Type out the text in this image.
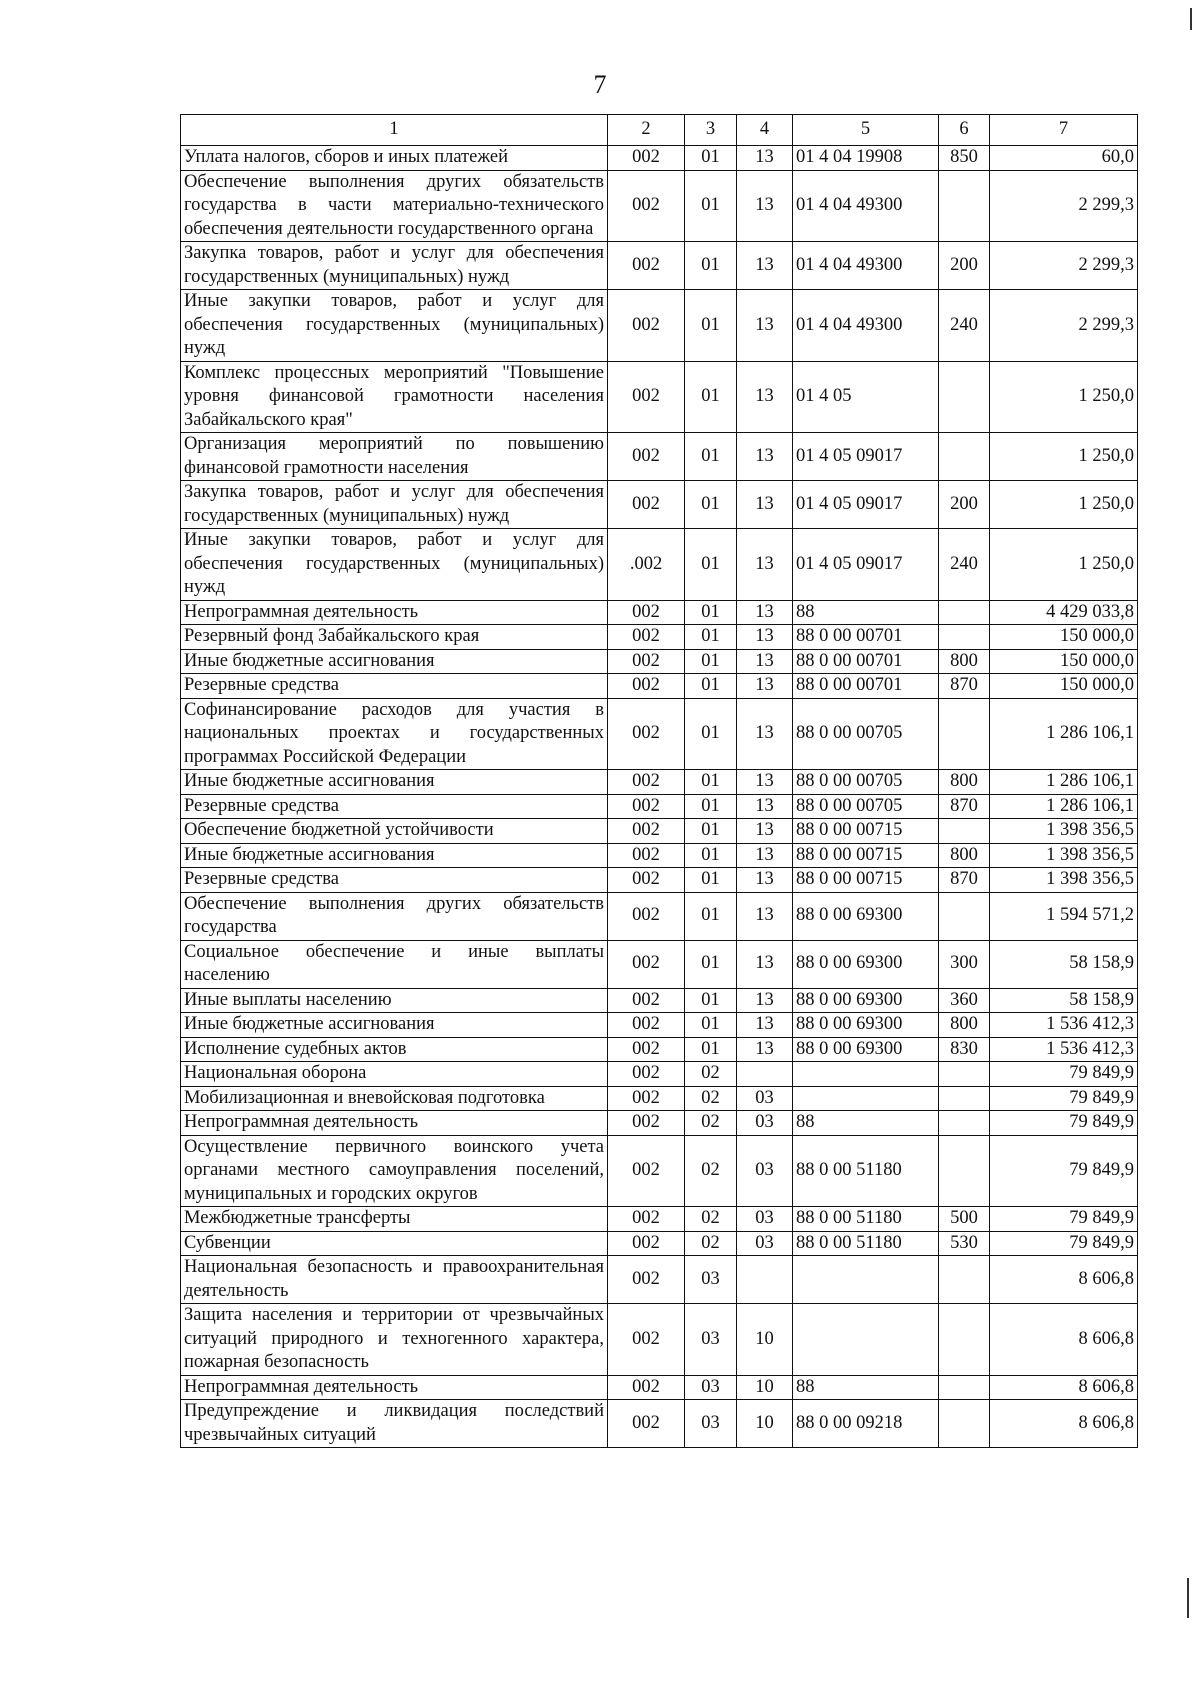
7
1	2	3	4	5	6	7
Уплата налогов, сборов и иных платежей	002	01	13	01 4 04 19908	850	60,0
Обеспечение выполнения других обязательств государства в части материально-технического обеспечения деятельности государственного органа	002	01	13	01 4 04 49300		2 299,3
Закупка товаров, работ и услуг для обеспечения государственных (муниципальных) нужд	002	01	13	01 4 04 49300	200	2 299,3
Иные закупки товаров, работ и услуг для обеспечения государственных (муниципальных) нужд	002	01	13	01 4 04 49300	240	2 299,3
Комплекс процессных мероприятий "Повышение уровня финансовой грамотности населения Забайкальского края"	002	01	13	01 4 05		1 250,0
Организация мероприятий по повышению финансовой грамотности населения	002	01	13	01 4 05 09017		1 250,0
Закупка товаров, работ и услуг для обеспечения государственных (муниципальных) нужд	002	01	13	01 4 05 09017	200	1 250,0
Иные закупки товаров, работ и услуг для обеспечения государственных (муниципальных) нужд	.002	01	13	01 4 05 09017	240	1 250,0
Непрограммная деятельность	002	01	13	88		4 429 033,8
Резервный фонд Забайкальского края	002	01	13	88 0 00 00701		150 000,0
Иные бюджетные ассигнования	002	01	13	88 0 00 00701	800	150 000,0
Резервные средства	002	01	13	88 0 00 00701	870	150 000,0
Софинансирование расходов для участия в национальных проектах и государственных программах Российской Федерации	002	01	13	88 0 00 00705		1 286 106,1
Иные бюджетные ассигнования	002	01	13	88 0 00 00705	800	1 286 106,1
Резервные средства	002	01	13	88 0 00 00705	870	1 286 106,1
Обеспечение бюджетной устойчивости	002	01	13	88 0 00 00715		1 398 356,5
Иные бюджетные ассигнования	002	01	13	88 0 00 00715	800	1 398 356,5
Резервные средства	002	01	13	88 0 00 00715	870	1 398 356,5
Обеспечение выполнения других обязательств государства	002	01	13	88 0 00 69300		1 594 571,2
Социальное обеспечение и иные выплаты населению	002	01	13	88 0 00 69300	300	58 158,9
Иные выплаты населению	002	01	13	88 0 00 69300	360	58 158,9
Иные бюджетные ассигнования	002	01	13	88 0 00 69300	800	1 536 412,3
Исполнение судебных актов	002	01	13	88 0 00 69300	830	1 536 412,3
Национальная оборона	002	02				79 849,9
Мобилизационная и вневойсковая подготовка	002	02	03			79 849,9
Непрограммная деятельность	002	02	03	88		79 849,9
Осуществление первичного воинского учета органами местного самоуправления поселений, муниципальных и городских округов	002	02	03	88 0 00 51180		79 849,9
Межбюджетные трансферты	002	02	03	88 0 00 51180	500	79 849,9
Субвенции	002	02	03	88 0 00 51180	530	79 849,9
Национальная безопасность и правоохранительная деятельность	002	03				8 606,8
Защита населения и территории от чрезвычайных ситуаций природного и техногенного характера, пожарная безопасность	002	03	10			8 606,8
Непрограммная деятельность	002	03	10	88		8 606,8
Предупреждение и ликвидация последствий чрезвычайных ситуаций	002	03	10	88 0 00 09218		8 606,8
